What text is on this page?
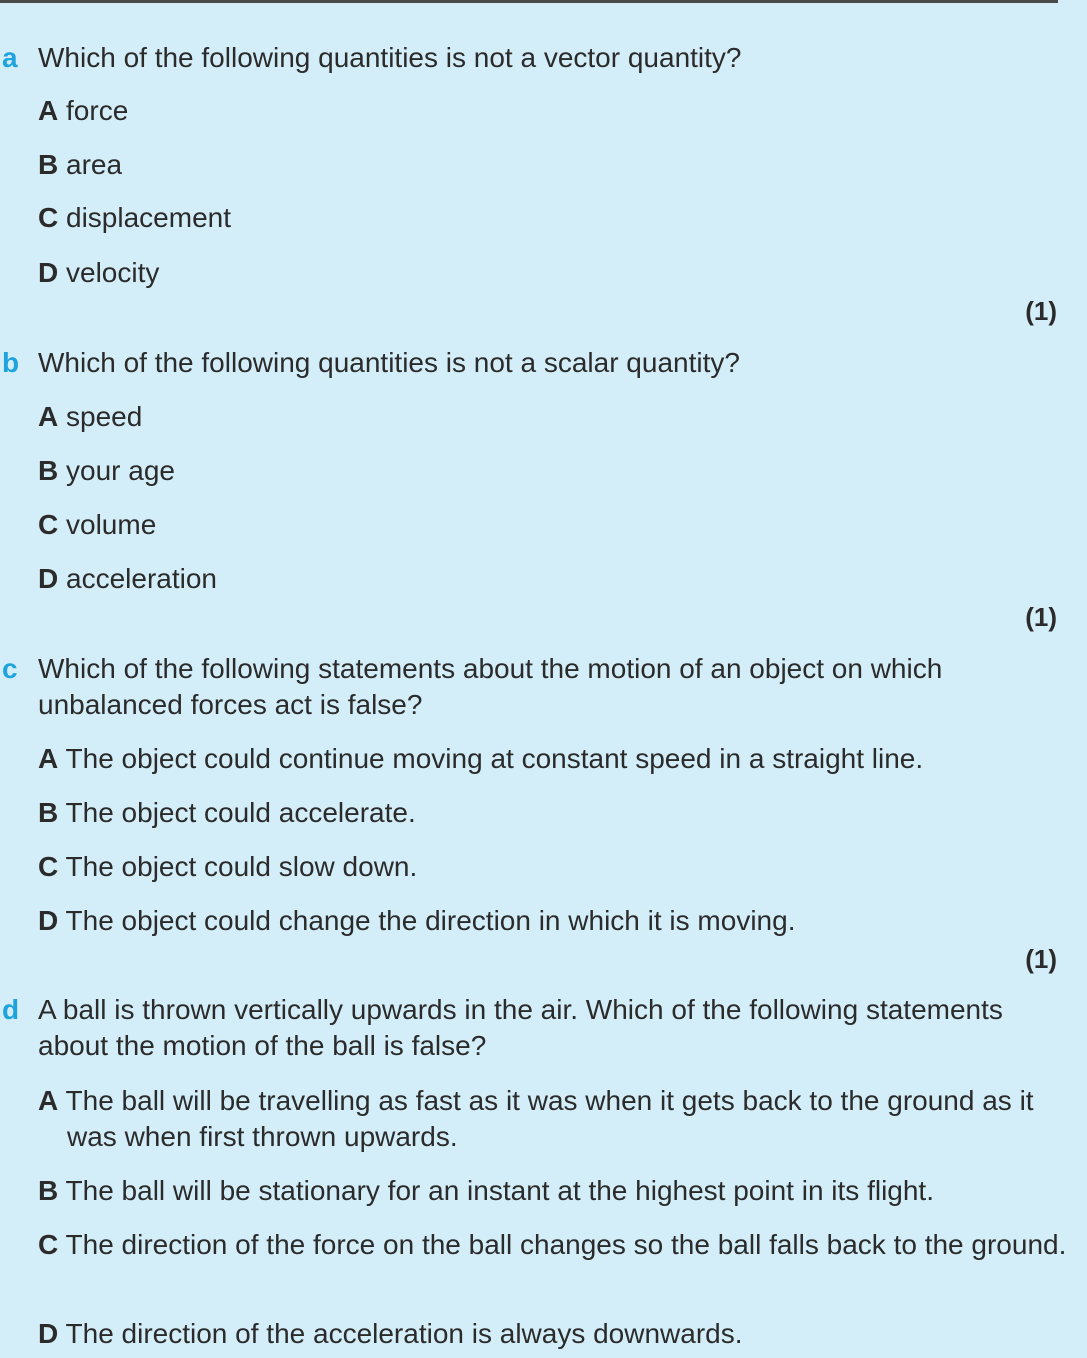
a Which of the following quantities is not a vector quantity?
A force
B area
C displacement
D velocity
(1)
b Which of the following quantities is not a scalar quantity?
A speed
B your age
C volume
D acceleration
(1)
c Which of the following statements about the motion of an object on which unbalanced forces act is false?
A The object could continue moving at constant speed in a straight line.
B The object could accelerate.
C The object could slow down.
D The object could change the direction in which it is moving.
(1)
d A ball is thrown vertically upwards in the air. Which of the following statements about the motion of the ball is false?
A The ball will be travelling as fast as it was when it gets back to the ground as it was when first thrown upwards.
B The ball will be stationary for an instant at the highest point in its flight.
C The direction of the force on the ball changes so the ball falls back to the ground.
D The direction of the acceleration is always downwards.
